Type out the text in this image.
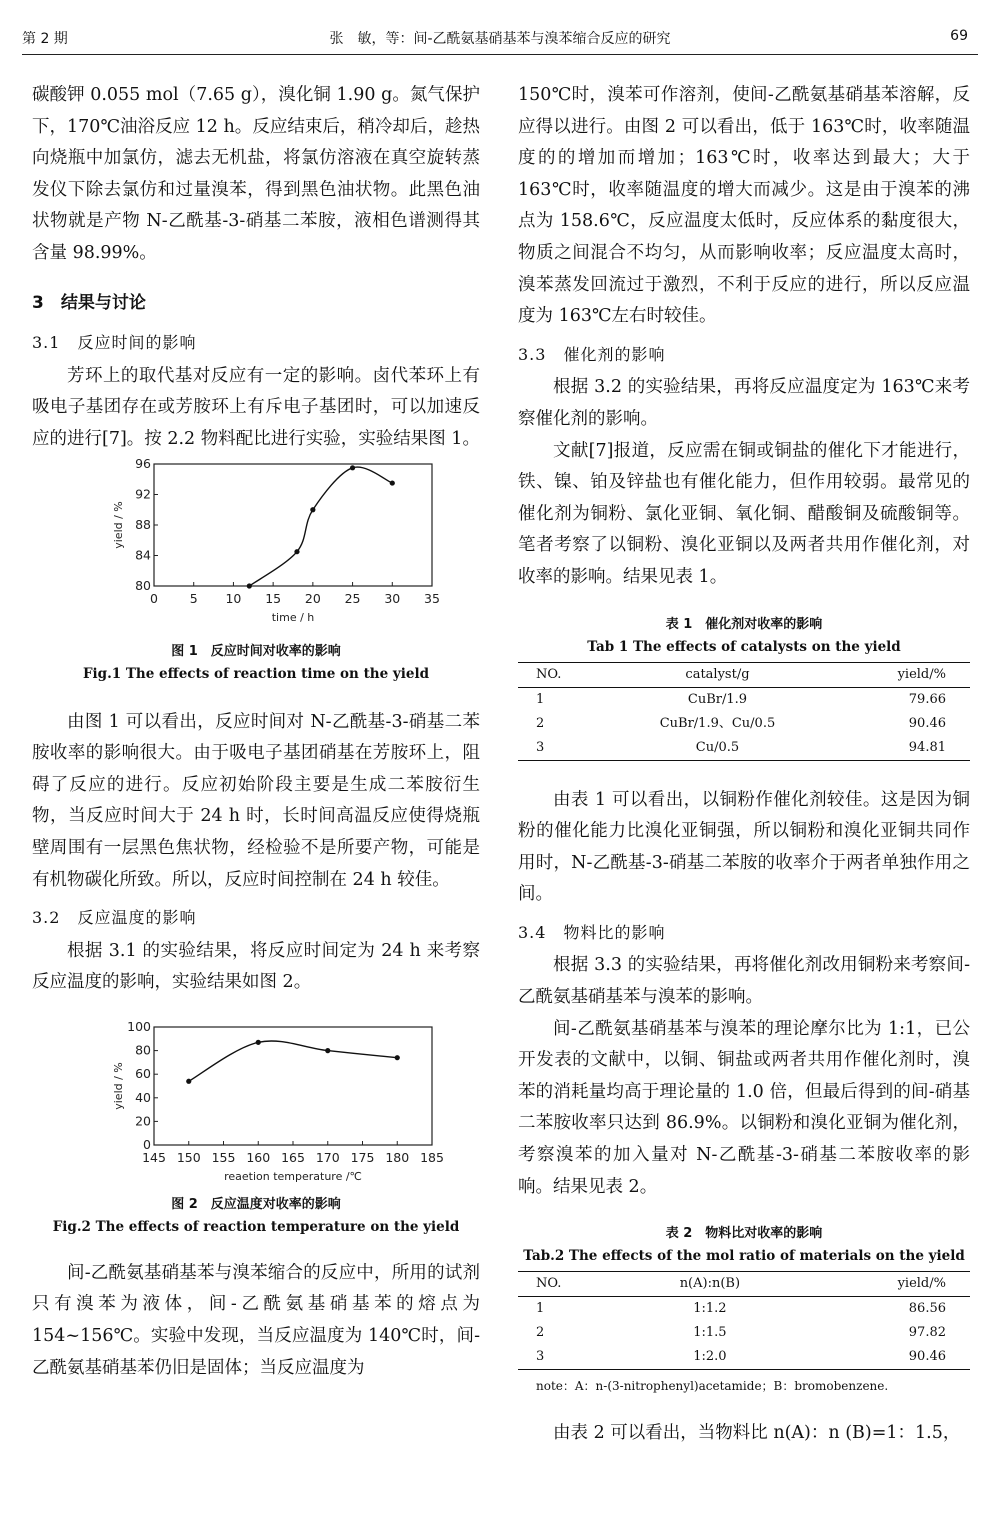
第 2 期	张　敏，等：间-乙酰氨基硝基苯与溴苯缩合反应的研究	69

碳酸钾 0.055 mol（7.65 g），溴化铜 1.90 g。氮气保护下，170℃油浴反应 12 h。反应结束后，稍冷却后，趁热向烧瓶中加氯仿，滤去无机盐，将氯仿溶液在真空旋转蒸发仪下除去氯仿和过量溴苯，得到黑色油状物。此黑色油状物就是产物 N-乙酰基-3-硝基二苯胺，液相色谱测得其含量 98.99%。

3　结果与讨论
3.1　反应时间的影响

芳环上的取代基对反应有一定的影响。卤代苯环上有吸电子基团存在或芳胺环上有斥电子基团时，可以加速反应的进行[7]。按 2.2 物料配比进行实验，实验结果图 1。

0	5 10 15 20 25 30 35
80
84
88
92
96
time / h
yield / %
图 1　反应时间对收率的影响
Fig.1 The effects of reaction time on the yield

由图 1 可以看出，反应时间对 N-乙酰基-3-硝基二苯胺收率的影响很大。由于吸电子基团硝基在芳胺环上，阻碍了反应的进行。反应初始阶段主要是生成二苯胺衍生物，当反应时间大于 24 h 时，长时间高温反应使得烧瓶壁周围有一层黑色焦状物，经检验不是所要产物，可能是有机物碳化所致。所以，反应时间控制在 24 h 较佳。

3.2　反应温度的影响

根据 3.1 的实验结果，将反应时间定为 24 h 来考察反应温度的影响，实验结果如图 2。

145 150 155 160 165 170 175 180 185
0
20
40
60
80
100
reaetion temperature /℃
yield / %
图 2　反应温度对收率的影响
Fig.2 The effects of reaction temperature on the yield

间-乙酰氨基硝基苯与溴苯缩合的反应中，所用的试剂只有溴苯为液体，间-乙酰氨基硝基苯的熔点为 154~156℃。实验中发现，当反应温度为 140℃时，间-乙酰氨基硝基苯仍旧是固体；当反应温度为

150℃时，溴苯可作溶剂，使间-乙酰氨基硝基苯溶解，反应得以进行。由图 2 可以看出，低于 163℃时，收率随温度的的增加而增加；163℃时，收率达到最大；大于 163℃时，收率随温度的增大而减少。这是由于溴苯的沸点为 158.6℃，反应温度太低时，反应体系的黏度很大，物质之间混合不均匀，从而影响收率；反应温度太高时，溴苯蒸发回流过于激烈，不利于反应的进行，所以反应温度为 163℃左右时较佳。

3.3　催化剂的影响

根据 3.2 的实验结果，再将反应温度定为 163℃来考察催化剂的影响。

文献[7]报道，反应需在铜或铜盐的催化下才能进行，铁、镍、铂及锌盐也有催化能力，但作用较弱。最常见的催化剂为铜粉、氯化亚铜、氧化铜、醋酸铜及硫酸铜等。笔者考察了以铜粉、溴化亚铜以及两者共用作催化剂，对收率的影响。结果见表 1。

表 1　催化剂对收率的影响
Tab 1 The effects of catalysts on the yield
NO.	catalyst/g	yield/%
1	CuBr/1.9	79.66
2	CuBr/1.9、Cu/0.5	90.46
3	Cu/0.5	94.81

由表 1 可以看出，以铜粉作催化剂较佳。这是因为铜粉的催化能力比溴化亚铜强，所以铜粉和溴化亚铜共同作用时，N-乙酰基-3-硝基二苯胺的收率介于两者单独作用之间。

3.4　物料比的影响

根据 3.3 的实验结果，再将催化剂改用铜粉来考察间-乙酰氨基硝基苯与溴苯的影响。

间-乙酰氨基硝基苯与溴苯的理论摩尔比为 1:1，已公开发表的文献中，以铜、铜盐或两者共用作催化剂时，溴苯的消耗量均高于理论量的 1.0 倍，但最后得到的间-硝基二苯胺收率只达到 86.9%。以铜粉和溴化亚铜为催化剂，考察溴苯的加入量对 N-乙酰基-3-硝基二苯胺收率的影响。结果见表 2。

表 2　物料比对收率的影响
Tab.2 The effects of the mol ratio of materials on the yield
NO.	n(A):n(B)	yield/%
1	1:1.2	86.56
2	1:1.5	97.82
3	1:2.0	90.46
note：A：n-(3-nitrophenyl)acetamide；B：bromobenzene.

由表 2 可以看出，当物料比 n(A)：n (B)=1：1.5，
